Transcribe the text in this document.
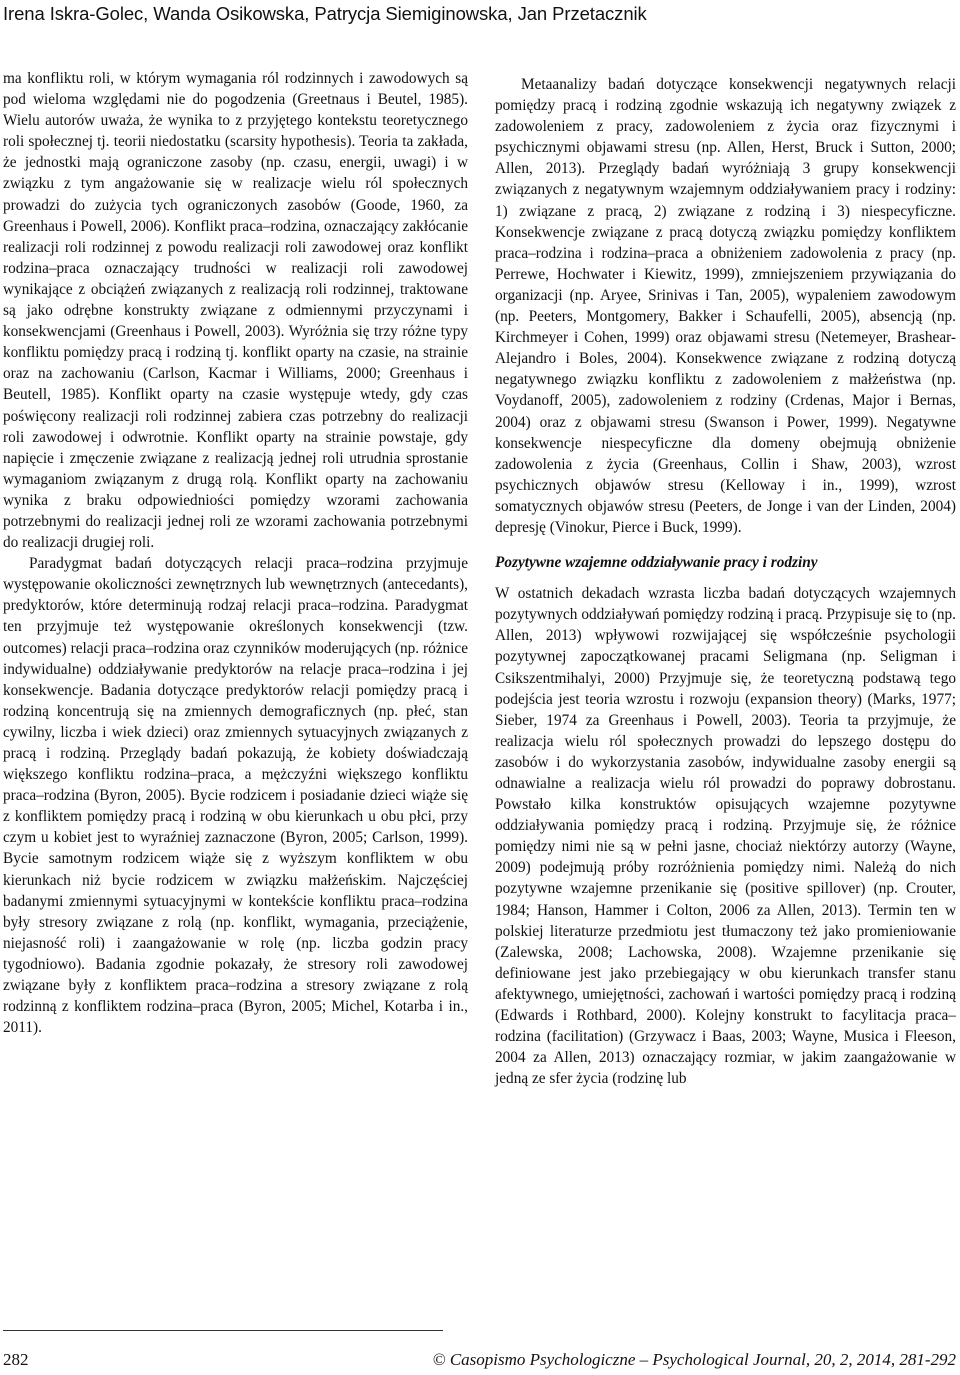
Irena Iskra-Golec, Wanda Osikowska, Patrycja Siemiginowska, Jan Przetacznik

ma konfliktu roli, w którym wymagania ról rodzinnych i zawodowych są pod wieloma względami nie do pogodzenia (Greetnaus i Beutel, 1985). Wielu autorów uważa, że wynika to z przyjętego kontekstu teoretycznego roli społecznej tj. teorii niedostatku (scarsity hypothesis). Teoria ta zakłada, że jednostki mają ograniczone zasoby (np. czasu, energii, uwagi) i w związku z tym angażowanie się w realizacje wielu ról społecznych prowadzi do zużycia tych ograniczonych zasobów (Goode, 1960, za Greenhaus i Powell, 2006). Konflikt praca–rodzina, oznaczający zakłócanie realizacji roli rodzinnej z powodu realizacji roli zawodowej oraz konflikt rodzina–praca oznaczający trudności w realizacji roli zawodowej wynikające z obciążeń związanych z realizacją roli rodzinnej, traktowane są jako odrębne konstrukty związane z odmiennymi przyczynami i konsekwencjami (Greenhaus i Powell, 2003). Wyróżnia się trzy różne typy konfliktu pomiędzy pracą i rodziną tj. konflikt oparty na czasie, na strainie oraz na zachowaniu (Carlson, Kacmar i Williams, 2000; Greenhaus i Beutell, 1985). Konflikt oparty na czasie występuje wtedy, gdy czas poświęcony realizacji roli rodzinnej zabiera czas potrzebny do realizacji roli zawodowej i odwrotnie. Konflikt oparty na strainie powstaje, gdy napięcie i zmęczenie związane z realizacją jednej roli utrudnia sprostanie wymaganiom związanym z drugą rolą. Konflikt oparty na zachowaniu wynika z braku odpowiedniości pomiędzy wzorami zachowania potrzebnymi do realizacji jednej roli ze wzorami zachowania potrzebnymi do realizacji drugiej roli.

Paradygmat badań dotyczących relacji praca–rodzina przyjmuje występowanie okoliczności zewnętrznych lub wewnętrznych (antecedants), predyktorów, które determinują rodzaj relacji praca–rodzina. Paradygmat ten przyjmuje też występowanie określonych konsekwencji (tzw. outcomes) relacji praca–rodzina oraz czynników moderujących (np. różnice indywidualne) oddziaływanie predyktorów na relacje praca–rodzina i jej konsekwencje. Badania dotyczące predyktorów relacji pomiędzy pracą i rodziną koncentrują się na zmiennych demograficznych (np. płeć, stan cywilny, liczba i wiek dzieci) oraz zmiennych sytuacyjnych związanych z pracą i rodziną. Przeglądy badań pokazują, że kobiety doświadczają większego konfliktu rodzina–praca, a mężczyźni większego konfliktu praca–rodzina (Byron, 2005). Bycie rodzicem i posiadanie dzieci wiąże się z konfliktem pomiędzy pracą i rodziną w obu kierunkach u obu płci, przy czym u kobiet jest to wyraźniej zaznaczone (Byron, 2005; Carlson, 1999). Bycie samotnym rodzicem wiąże się z wyższym konfliktem w obu kierunkach niż bycie rodzicem w związku małżeńskim. Najczęściej badanymi zmiennymi sytuacyjnymi w kontekście konfliktu praca–rodzina były stresory związane z rolą (np. konflikt, wymagania, przeciążenie, niejasność roli) i zaangażowanie w rolę (np. liczba godzin pracy tygodniowo). Badania zgodnie pokazały, że stresory roli zawodowej związane były z konfliktem praca–rodzina a stresory związane z rolą rodzinną z konfliktem rodzina–praca (Byron, 2005; Michel, Kotarba i in., 2011).

Metaanalizy badań dotyczące konsekwencji negatywnych relacji pomiędzy pracą i rodziną zgodnie wskazują ich negatywny związek z zadowoleniem z pracy, zadowoleniem z życia oraz fizycznymi i psychicznymi objawami stresu (np. Allen, Herst, Bruck i Sutton, 2000; Allen, 2013). Przeglądy badań wyróżniają 3 grupy konsekwencji związanych z negatywnym wzajemnym oddziaływaniem pracy i rodziny: 1) związane z pracą, 2) związane z rodziną i 3) niespecyficzne. Konsekwencje związane z pracą dotyczą związku pomiędzy konfliktem praca–rodzina i rodzina–praca a obniżeniem zadowolenia z pracy (np. Perrewe, Hochwater i Kiewitz, 1999), zmniejszeniem przywiązania do organizacji (np. Aryee, Srinivas i Tan, 2005), wypaleniem zawodowym (np. Peeters, Montgomery, Bakker i Schaufelli, 2005), absencją (np. Kirchmeyer i Cohen, 1999) oraz objawami stresu (Netemeyer, Brashear-Alejandro i Boles, 2004). Konsekwence związane z rodziną dotyczą negatywnego związku konfliktu z zadowoleniem z małżeństwa (np. Voydanoff, 2005), zadowoleniem z rodziny (Crdenas, Major i Bernas, 2004) oraz z objawami stresu (Swanson i Power, 1999). Negatywne konsekwencje niespecyficzne dla domeny obejmują obniżenie zadowolenia z życia (Greenhaus, Collin i Shaw, 2003), wzrost psychicznych objawów stresu (Kelloway i in., 1999), wzrost somatycznych objawów stresu (Peeters, de Jonge i van der Linden, 2004) depresję (Vinokur, Pierce i Buck, 1999).

Pozytywne wzajemne oddziaływanie pracy i rodziny

W ostatnich dekadach wzrasta liczba badań dotyczących wzajemnych pozytywnych oddziaływań pomiędzy rodziną i pracą. Przypisuje się to (np. Allen, 2013) wpływowi rozwijającej się współcześnie psychologii pozytywnej zapoczątkowanej pracami Seligmana (np. Seligman i Csikszentmihalyi, 2000) Przyjmuje się, że teoretyczną podstawą tego podejścia jest teoria wzrostu i rozwoju (expansion theory) (Marks, 1977; Sieber, 1974 za Greenhaus i Powell, 2003). Teoria ta przyjmuje, że realizacja wielu ról społecznych prowadzi do lepszego dostępu do zasobów i do wykorzystania zasobów, indywidualne zasoby energii są odnawialne a realizacja wielu ról prowadzi do poprawy dobrostanu. Powstało kilka konstruktów opisujących wzajemne pozytywne oddziaływania pomiędzy pracą i rodziną. Przyjmuje się, że różnice pomiędzy nimi nie są w pełni jasne, chociaż niektórzy autorzy (Wayne, 2009) podejmują próby rozróżnienia pomiędzy nimi. Należą do nich pozytywne wzajemne przenikanie się (positive spillover) (np. Crouter, 1984; Hanson, Hammer i Colton, 2006 za Allen, 2013). Termin ten w polskiej literaturze przedmiotu jest tłumaczony też jako promieniowanie (Zalewska, 2008; Lachowska, 2008). Wzajemne przenikanie się definiowane jest jako przebiegający w obu kierunkach transfer stanu afektywnego, umiejętności, zachowań i wartości pomiędzy pracą i rodziną (Edwards i Rothbard, 2000). Kolejny konstrukt to facylitacja praca–rodzina (facilitation) (Grzywacz i Baas, 2003; Wayne, Musica i Fleeson, 2004 za Allen, 2013) oznaczający rozmiar, w jakim zaangażowanie w jedną ze sfer życia (rodzinę lub

282	© Casopismo Psychologiczne – Psychological Journal, 20, 2, 2014, 281-292
